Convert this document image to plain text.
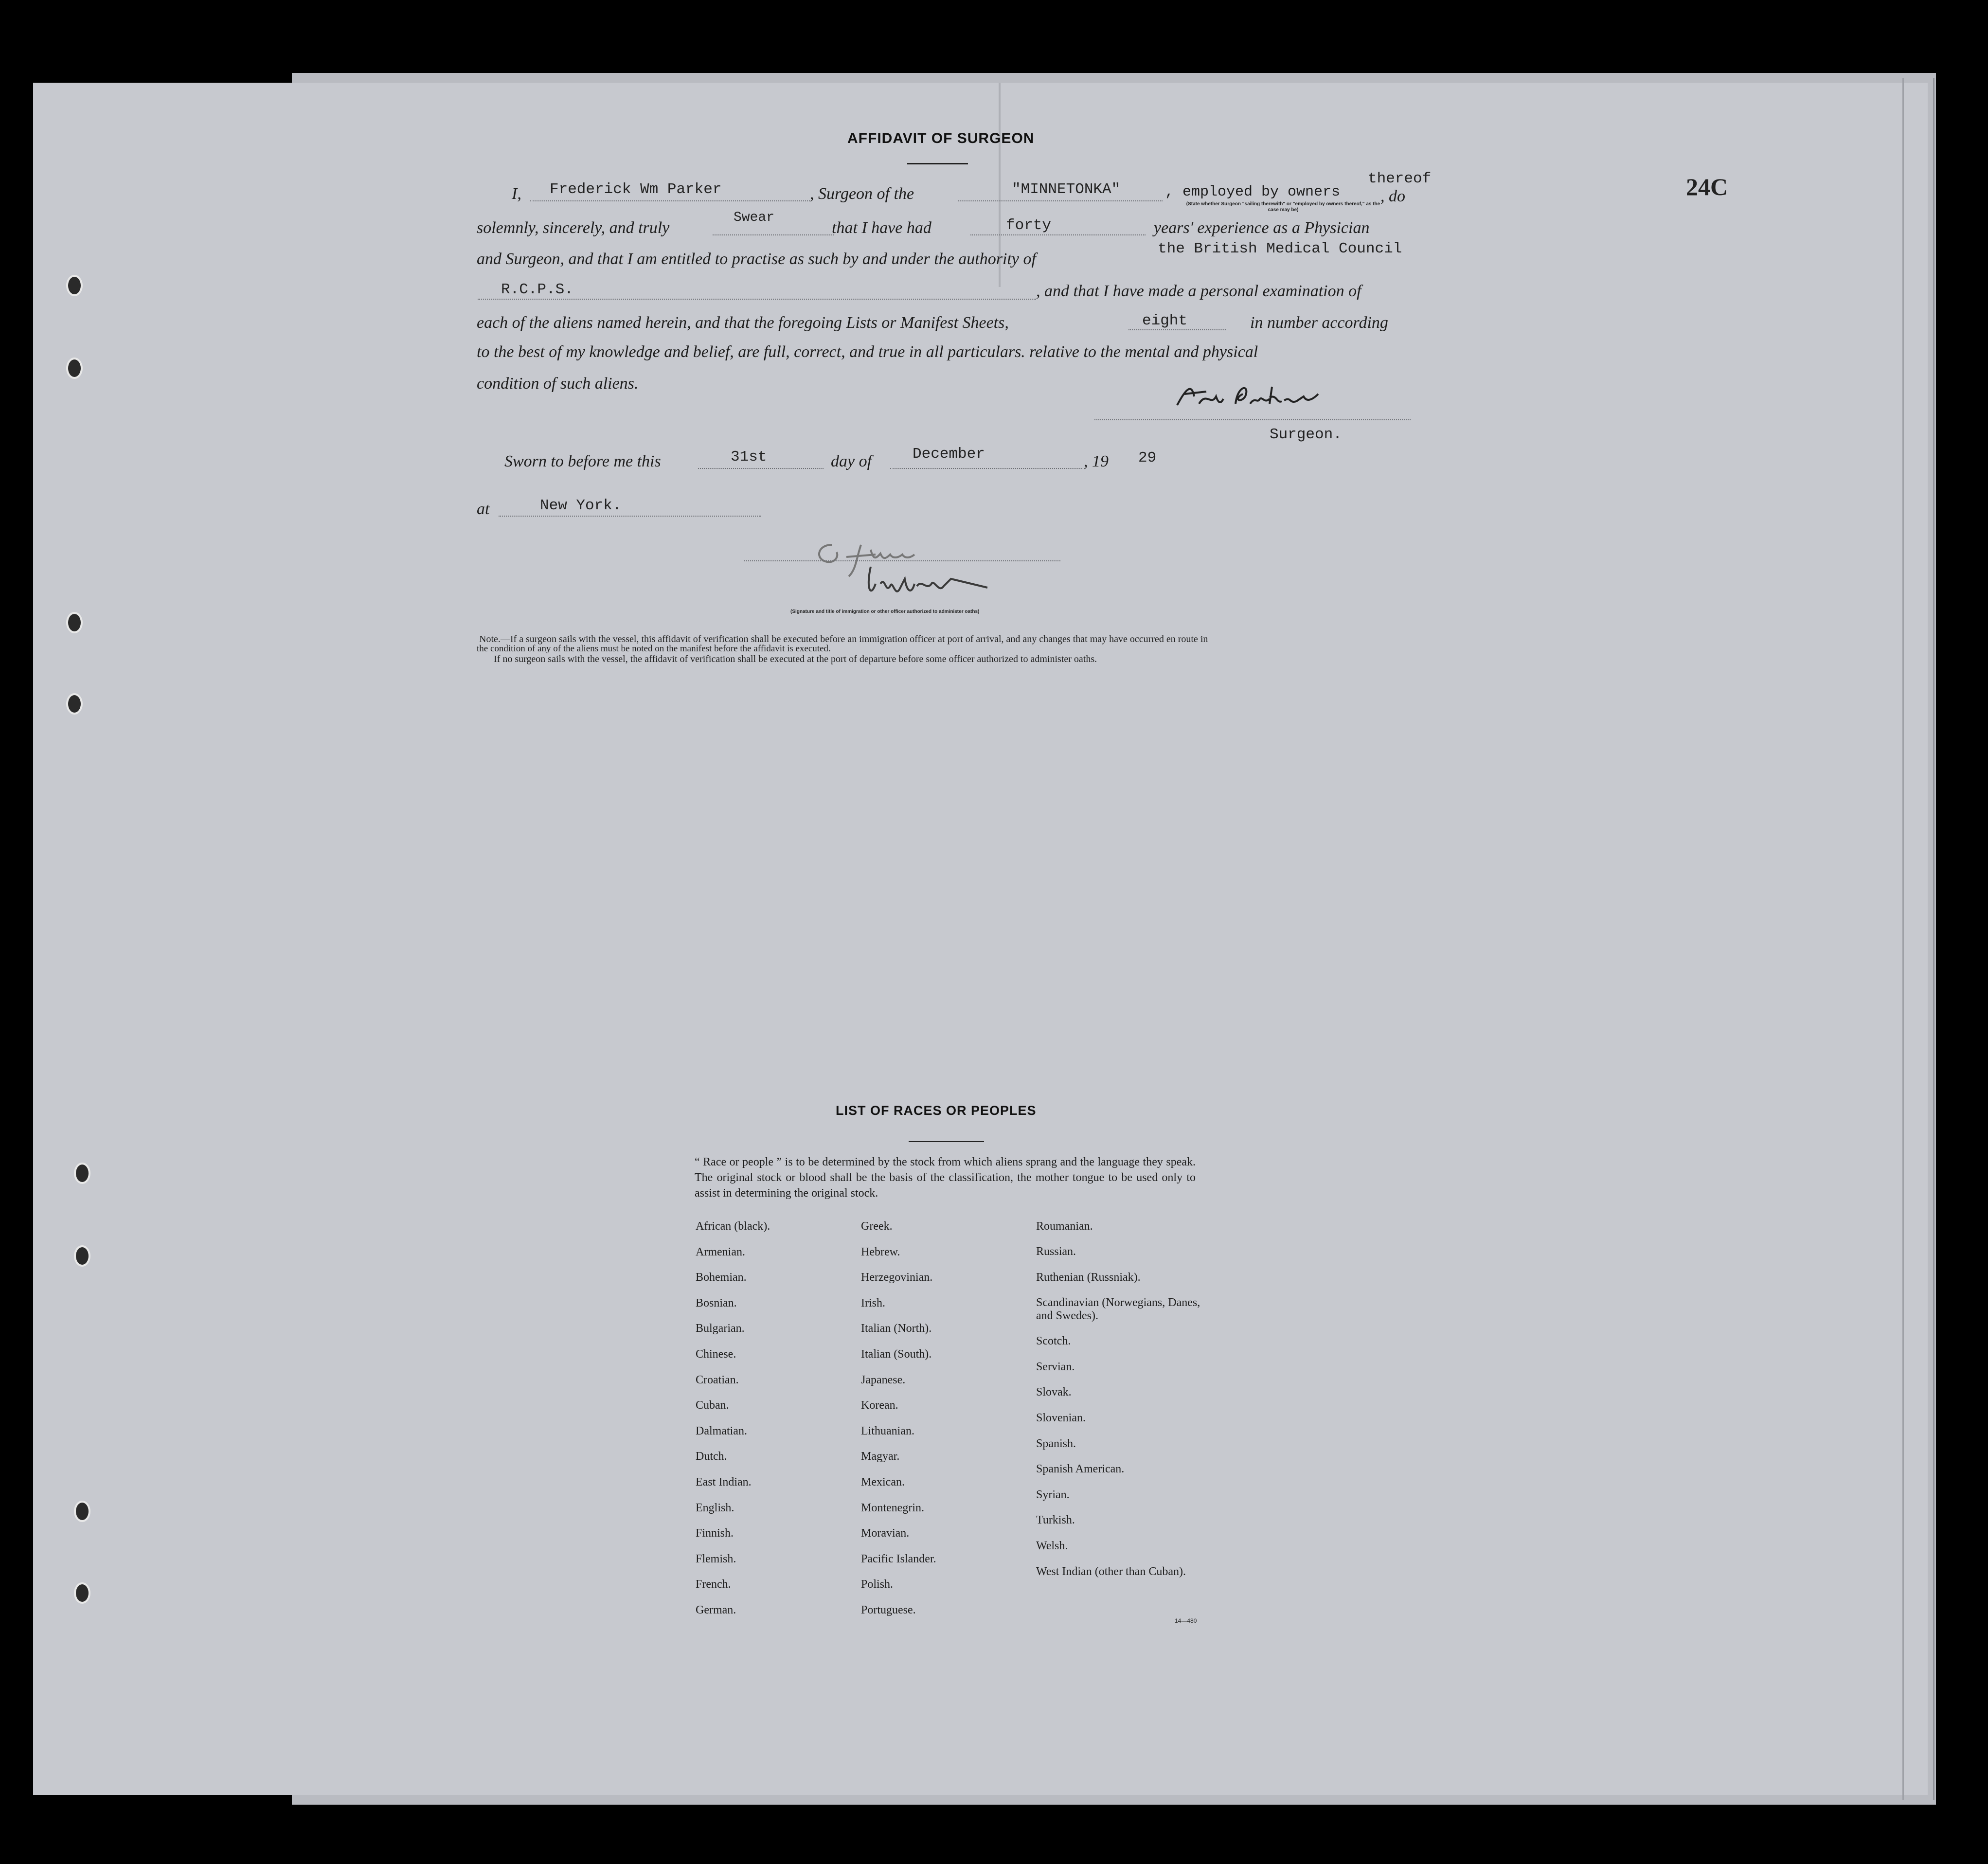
AFFIDAVIT OF SURGEON
24C
I, Frederick Wm Parker	, Surgeon of the	"MINNETONKA"	, employed by owners
thereof
, do
(State whether Surgeon "sailing therewith" or "employed by owners thereof," as the case may be)
solemnly, sincerely, and truly
Swear
that I have had	forty	years' experience as a Physician
and Surgeon, and that I am entitled to practise as such by and under the authority of
the British Medical Council
R.C.P.S.	, and that I have made a personal examination of
each of the aliens named herein, and that the foregoing Lists or Manifest Sheets,	eight	in number according
to the best of my knowledge and belief, are full, correct, and true in all particulars. relative to the mental and physical
condition of such aliens.
Surgeon.
Sworn to before me this	31st	day of	December	, 19 29
at	New York.
(Signature and title of immigration or other officer authorized to administer oaths)
Note.—If a surgeon sails with the vessel, this affidavit of verification shall be executed before an immigration officer at port of arrival, and any changes that may have occurred en route in
the condition of any of the aliens must be noted on the manifest before the affidavit is executed.
If no surgeon sails with the vessel, the affidavit of verification shall be executed at the port of departure before some officer authorized to administer oaths.
LIST OF RACES OR PEOPLES
“ Race or people ” is to be determined by the stock from which aliens sprang and the language they speak. The original stock or blood shall be the basis of the classification, the mother tongue to be used only to assist in determining the original stock.
African (black).
Armenian.
Bohemian.
Bosnian.
Bulgarian.
Chinese.
Croatian.
Cuban.
Dalmatian.
Dutch.
East Indian.
English.
Finnish.
Flemish.
French.
German.
Greek.
Hebrew.
Herzegovinian.
Irish.
Italian (North).
Italian (South).
Japanese.
Korean.
Lithuanian.
Magyar.
Mexican.
Montenegrin.
Moravian.
Pacific Islander.
Polish.
Portuguese.
Roumanian.
Russian.
Ruthenian (Russniak).
Scandinavian (Norwegians, Danes, and Swedes).
Scotch.
Servian.
Slovak.
Slovenian.
Spanish.
Spanish American.
Syrian.
Turkish.
Welsh.
West Indian (other than Cuban).
14—480
